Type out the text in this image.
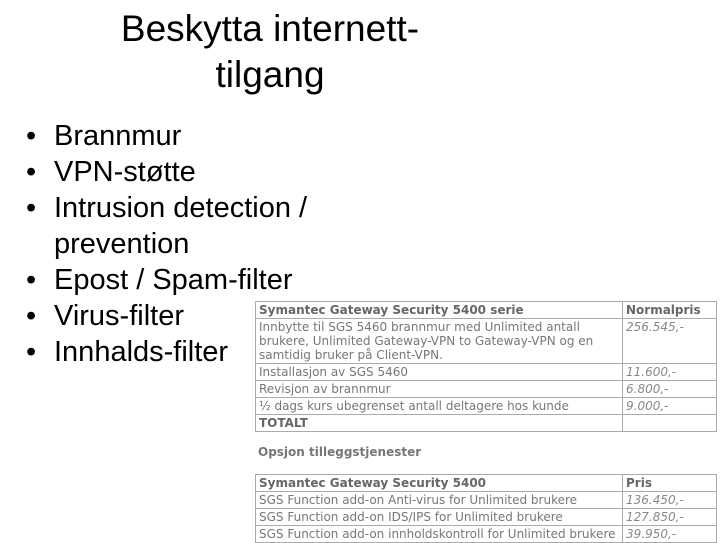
Beskytta internett-
tilgang
Symantec Gateway Security 5400 serie	Normalpris
Innbytte til SGS 5460 brannmur med Unlimited antall brukere, Unlimited Gateway-VPN to Gateway-VPN og en samtidig bruker på Client-VPN.	256.545,-
Installasjon av SGS 5460	11.600,-
Revisjon av brannmur	6.800,-
½ dags kurs ubegrenset antall deltagere hos kunde	9.000,-
TOTALT	
Opsjon tilleggstjenester
Symantec Gateway Security 5400	Pris
SGS Function add-on Anti-virus for Unlimited brukere	136.450,-
SGS Function add-on IDS/IPS for Unlimited brukere	127.850,-
SGS Function add-on innholdskontroll for Unlimited brukere	39.950,-
• Brannmur
• VPN-støtte
• Intrusion detection / prevention
• Epost / Spam-filter
• Virus-filter
• Innhalds-filter
